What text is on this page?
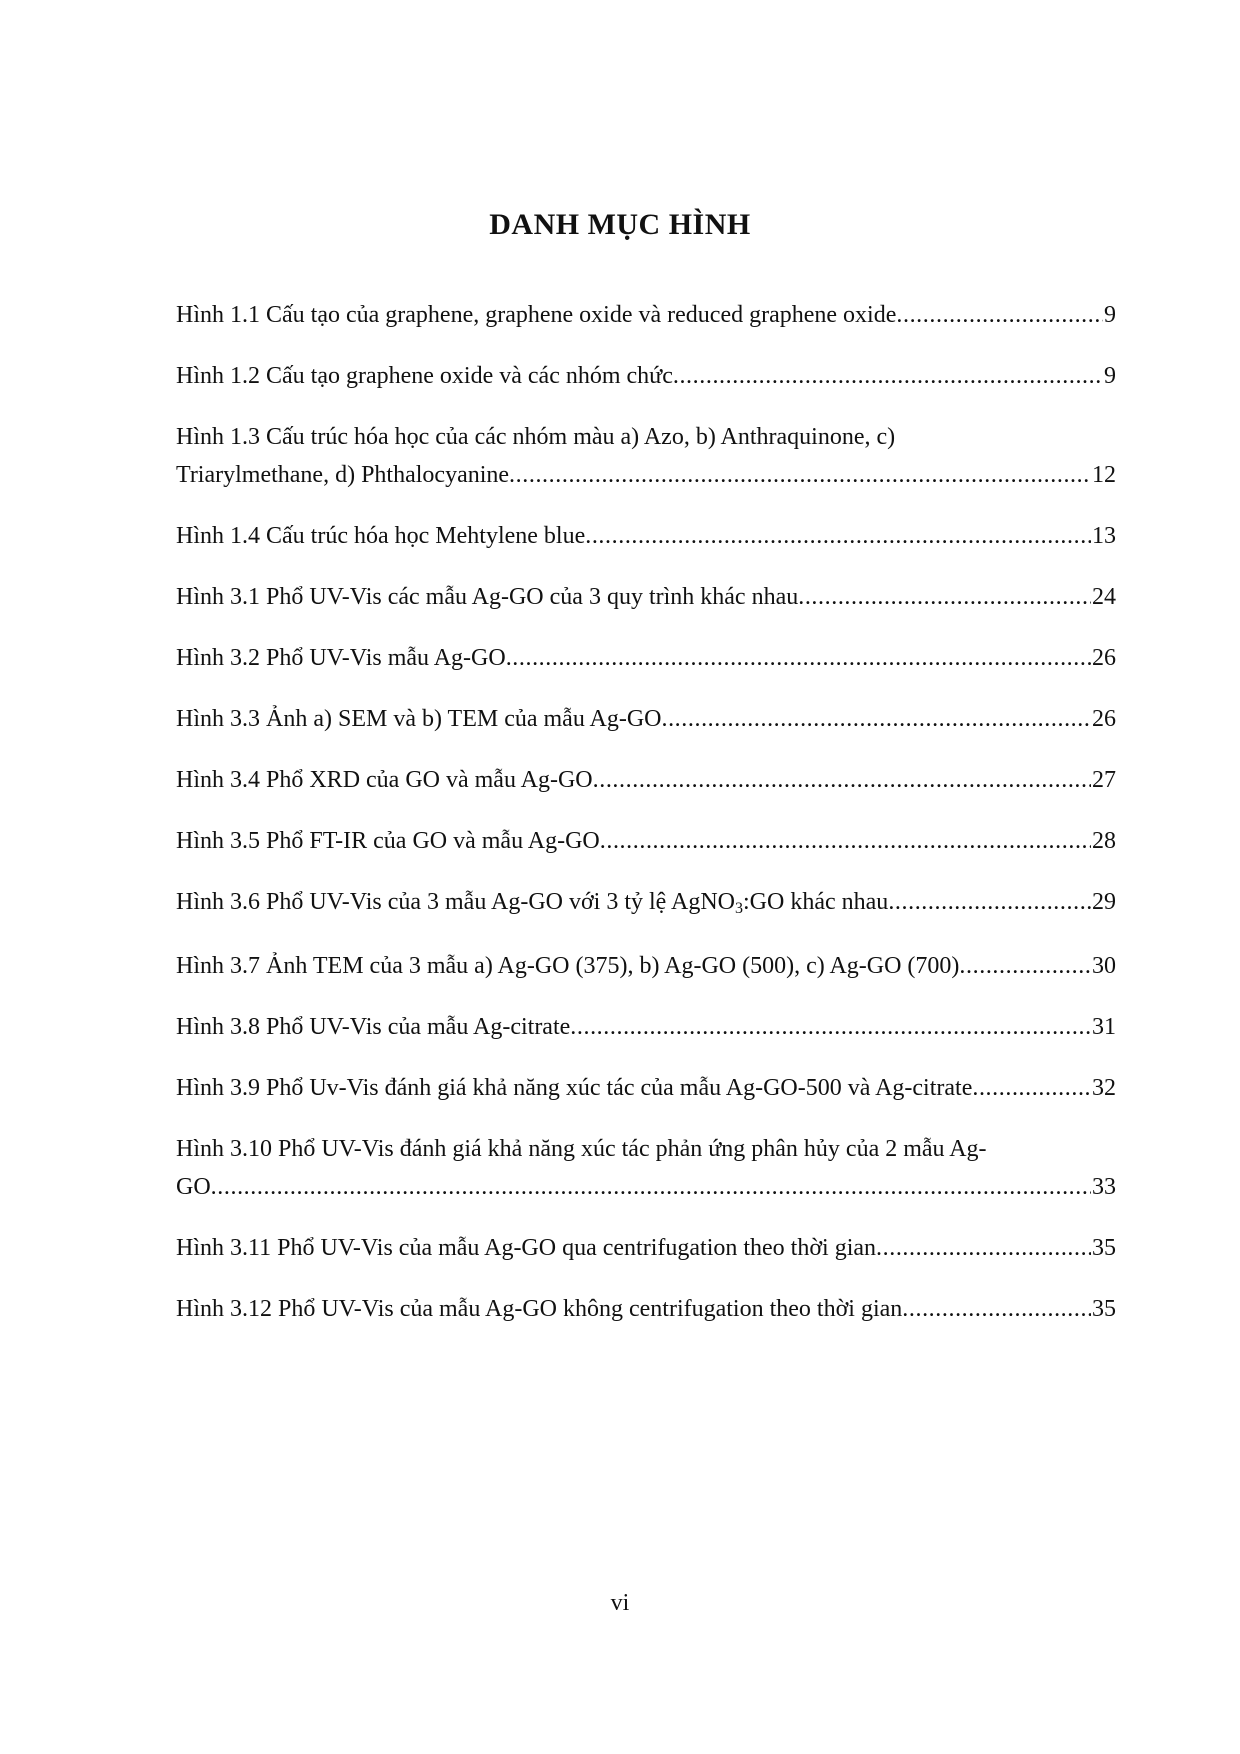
DANH MỤC HÌNH
Hình 1.1 Cấu tạo của graphene, graphene oxide và reduced graphene oxide .....	9
Hình 1.2 Cấu tạo graphene oxide và các nhóm chức .....	9
Hình 1.3 Cấu trúc hóa học của các nhóm màu a) Azo, b) Anthraquinone, c)
Triarylmethane, d) Phthalocyanine .....	12
Hình 1.4 Cấu trúc hóa học Mehtylene blue .....	13
Hình 3.1 Phổ UV-Vis các mẫu Ag-GO của 3 quy trình khác nhau .....	24
Hình 3.2 Phổ UV-Vis mẫu Ag-GO .....	26
Hình 3.3 Ảnh a) SEM và b) TEM của mẫu Ag-GO .....	26
Hình 3.4 Phổ XRD của GO và mẫu Ag-GO .....	27
Hình 3.5 Phổ FT-IR của GO và mẫu Ag-GO .....	28
Hình 3.6 Phổ UV-Vis của 3 mẫu Ag-GO với 3 tỷ lệ AgNO$_3$:GO khác nhau .....	29
Hình 3.7 Ảnh TEM của 3 mẫu a) Ag-GO (375), b) Ag-GO (500), c) Ag-GO (700) .....	30
Hình 3.8 Phổ UV-Vis của mẫu Ag-citrate .....	31
Hình 3.9 Phổ Uv-Vis đánh giá khả năng xúc tác của mẫu Ag-GO-500 và Ag-citrate .....	32
Hình 3.10 Phổ UV-Vis đánh giá khả năng xúc tác phản ứng phân hủy của 2 mẫu Ag-
GO .....	33
Hình 3.11 Phổ UV-Vis của mẫu Ag-GO qua centrifugation theo thời gian .....	35
Hình 3.12 Phổ UV-Vis của mẫu Ag-GO không centrifugation theo thời gian .....	35
vi
